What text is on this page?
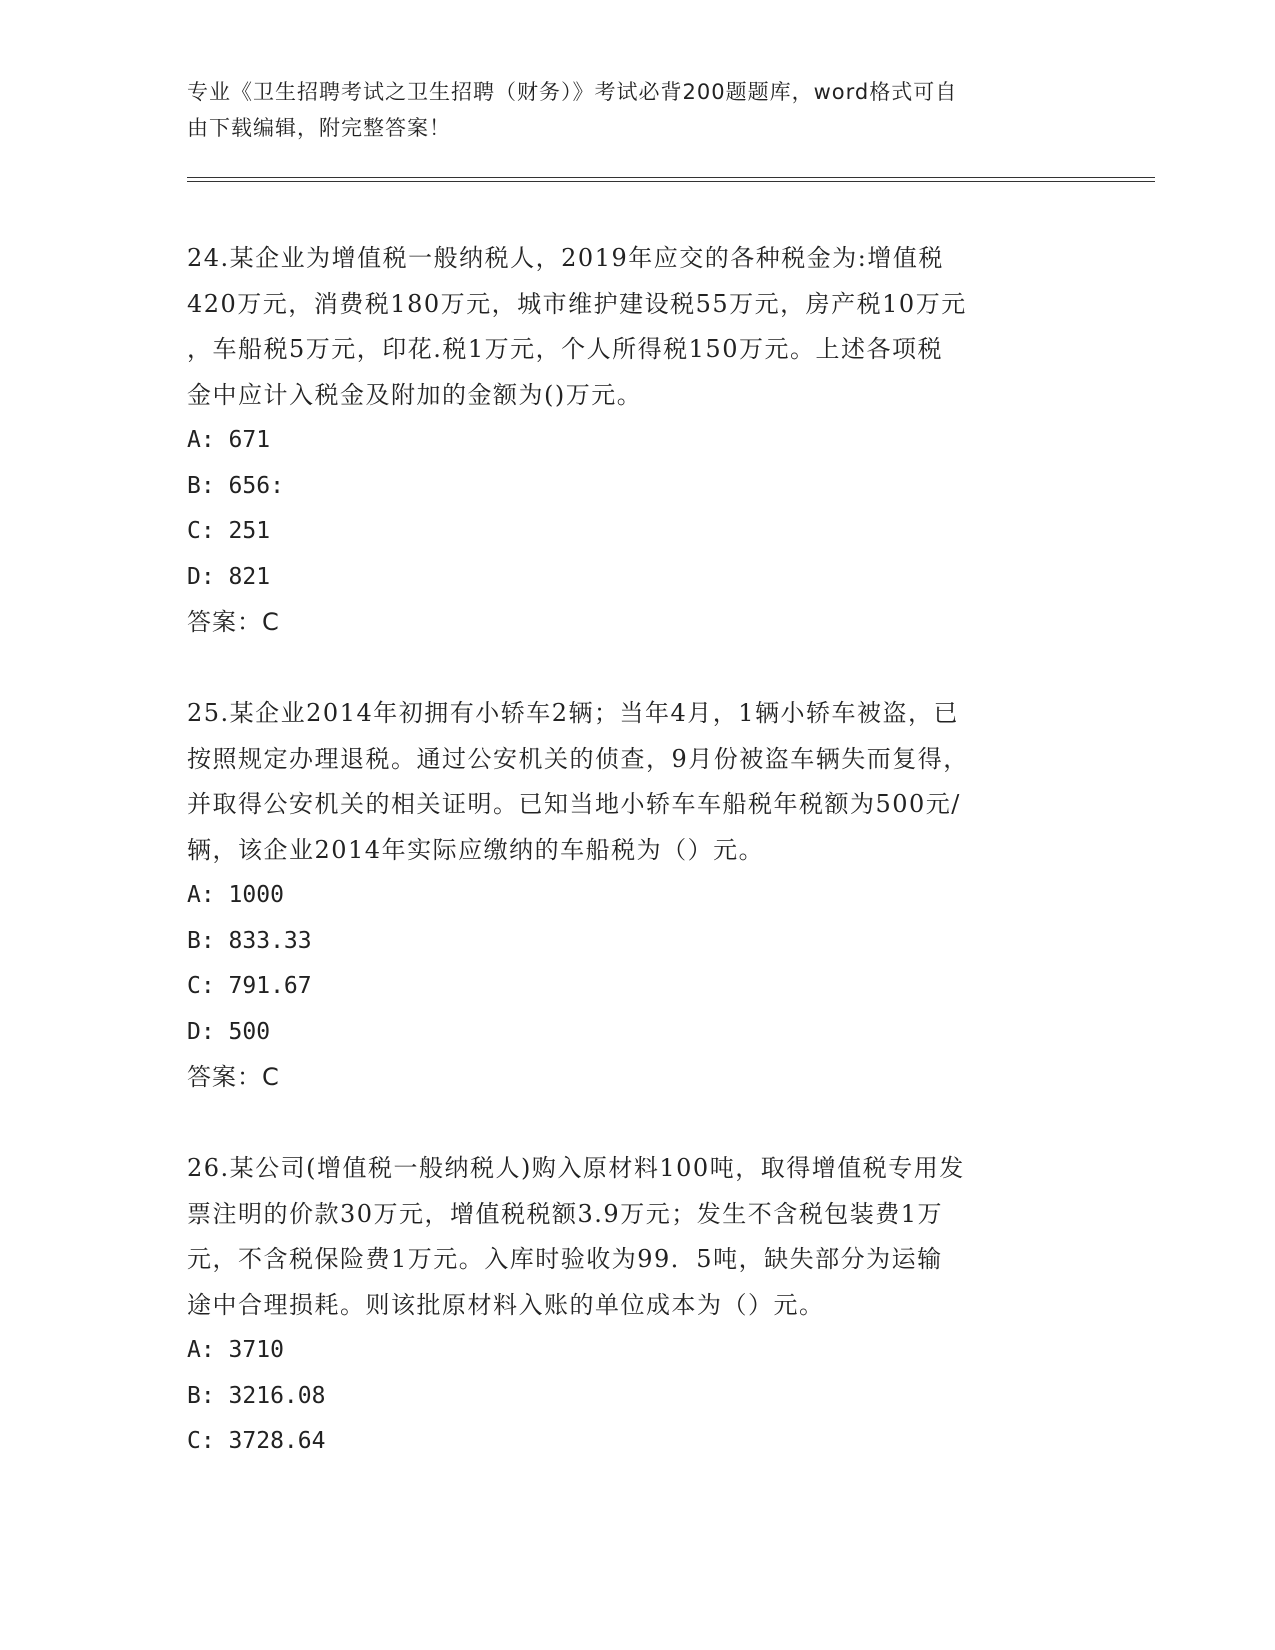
专业《卫生招聘考试之卫生招聘（财务）》考试必背200题题库，word格式可自
由下载编辑，附完整答案！

24.某企业为增值税一般纳税人，2019年应交的各种税金为:增值税

420万元，消费税180万元，城市维护建设税55万元，房产税10万元

，车船税5万元，印花.税1万元，个人所得税150万元。上述各项税

金中应计入税金及附加的金额为()万元。

A: 671

B: 656:

C: 251

D: 821

答案：C

25.某企业2014年初拥有小轿车2辆；当年4月，1辆小轿车被盗，已

按照规定办理退税。通过公安机关的侦查，9月份被盗车辆失而复得，

并取得公安机关的相关证明。已知当地小轿车车船税年税额为500元/

辆，该企业2014年实际应缴纳的车船税为（）元。

A: 1000

B: 833.33

C: 791.67

D: 500

答案：C

26.某公司(增值税一般纳税人)购入原材料100吨，取得增值税专用发

票注明的价款30万元，增值税税额3.9万元；发生不含税包装费1万

元，不含税保险费1万元。入库时验收为99．5吨，缺失部分为运输

途中合理损耗。则该批原材料入账的单位成本为（）元。

A: 3710

B: 3216.08

C: 3728.64
